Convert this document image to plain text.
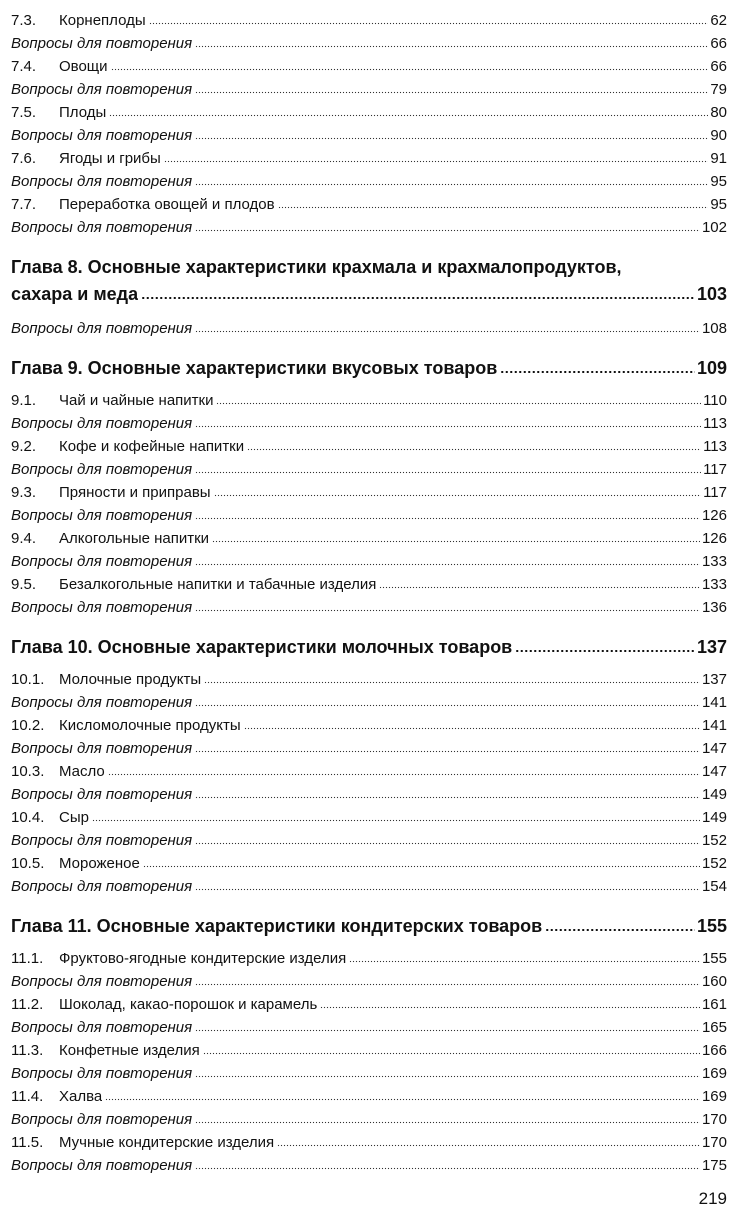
7.3. Корнеплоды	62
Вопросы для повторения	66
7.4. Овощи	66
Вопросы для повторения	79
7.5. Плоды	80
Вопросы для повторения	90
7.6. Ягоды и грибы	91
Вопросы для повторения	95
7.7. Переработка овощей и плодов	95
Вопросы для повторения	102
Глава 8. Основные характеристики крахмала и крахмалопродуктов,
сахара и меда	103
Вопросы для повторения	108
Глава 9. Основные характеристики вкусовых товаров	109
9.1. Чай и чайные напитки	110
Вопросы для повторения	113
9.2. Кофе и кофейные напитки	113
Вопросы для повторения	117
9.3. Пряности и приправы	117
Вопросы для повторения	126
9.4. Алкогольные напитки	126
Вопросы для повторения	133
9.5. Безалкогольные напитки и табачные изделия	133
Вопросы для повторения	136
Глава 10. Основные характеристики молочных товаров	137
10.1. Молочные продукты	137
Вопросы для повторения	141
10.2. Кисломолочные продукты	141
Вопросы для повторения	147
10.3. Масло	147
Вопросы для повторения	149
10.4. Сыр	149
Вопросы для повторения	152
10.5. Мороженое	152
Вопросы для повторения	154
Глава 11. Основные характеристики кондитерских товаров	155
11.1. Фруктово-ягодные кондитерские изделия	155
Вопросы для повторения	160
11.2. Шоколад, какао-порошок и карамель	161
Вопросы для повторения	165
11.3. Конфетные изделия	166
Вопросы для повторения	169
11.4. Халва	169
Вопросы для повторения	170
11.5. Мучные кондитерские изделия	170
Вопросы для повторения	175
219
